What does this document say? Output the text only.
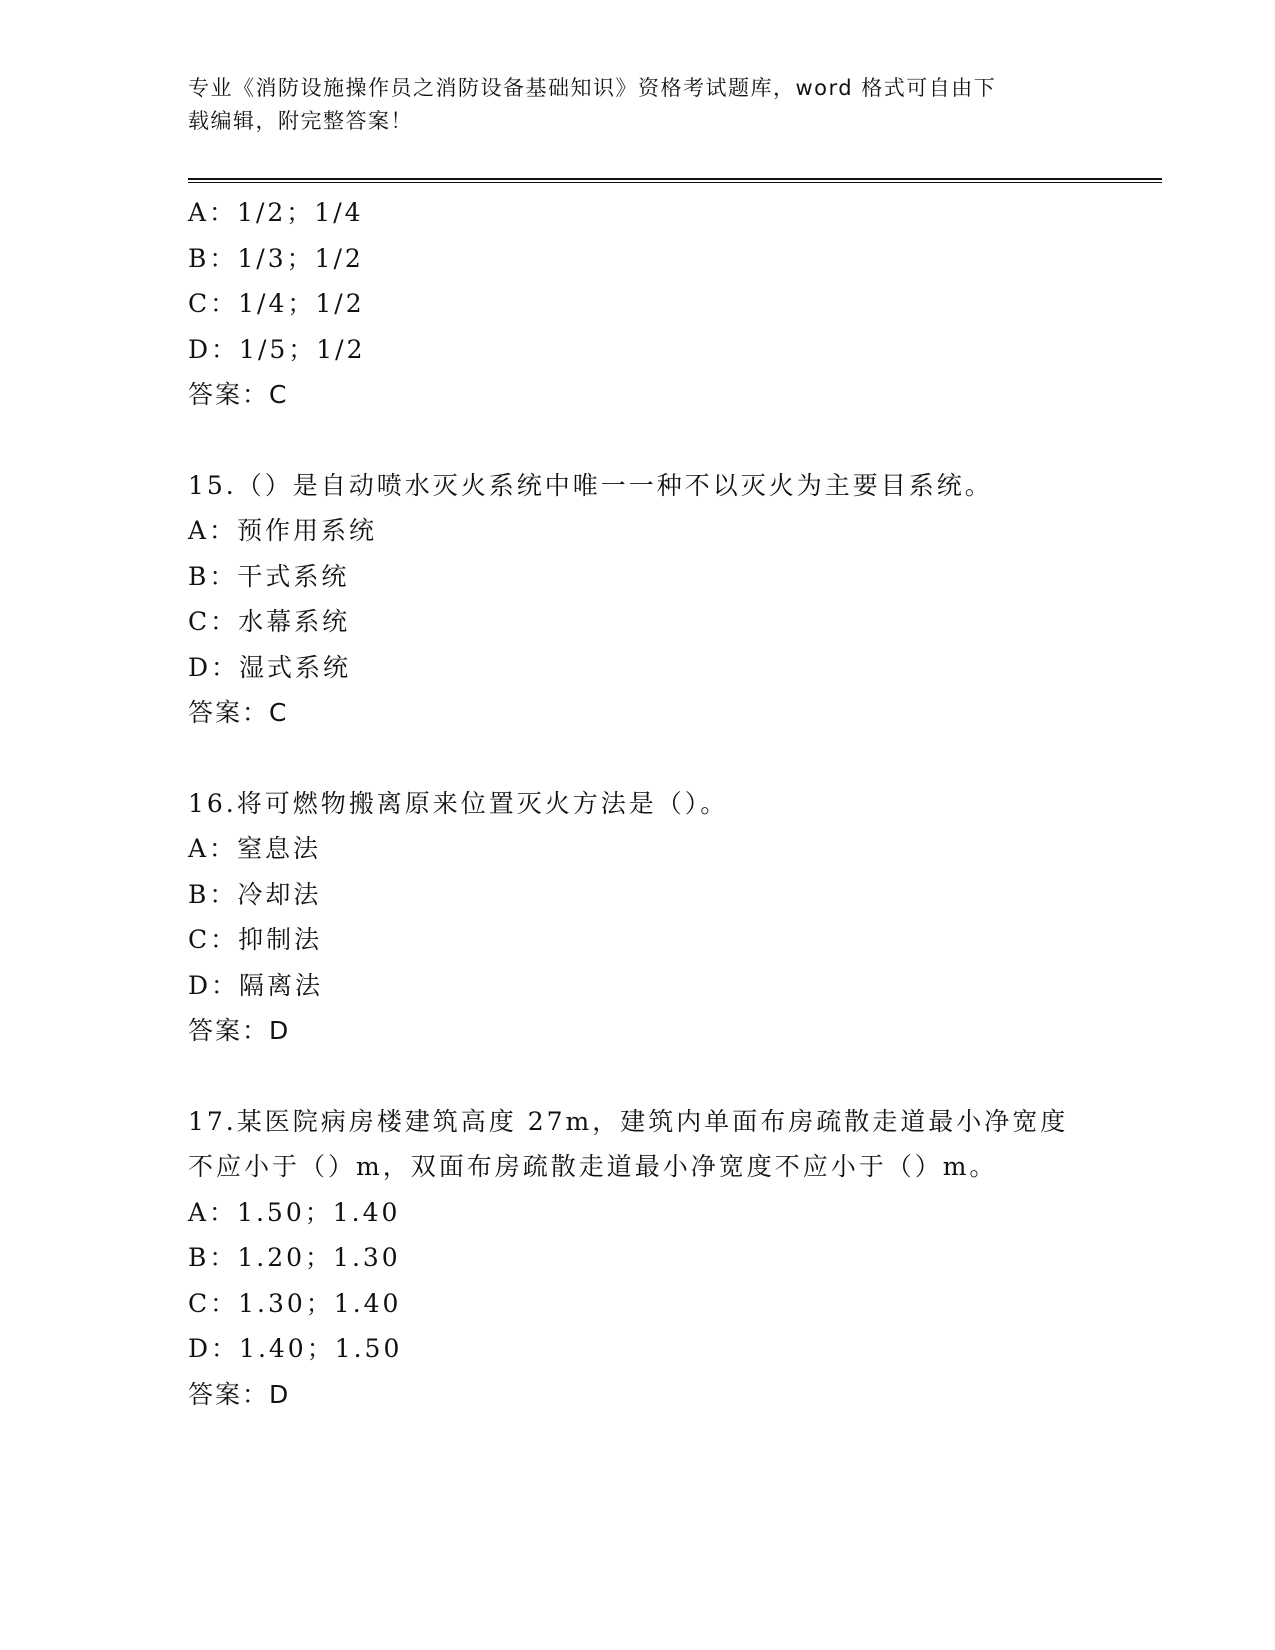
专业《消防设施操作员之消防设备基础知识》资格考试题库，word 格式可自由下
载编辑，附完整答案！
A：1/2；1/4
B：1/3；1/2
C：1/4；1/2
D：1/5；1/2
答案：C
15.（）是自动喷水灭火系统中唯一一种不以灭火为主要目系统。
A：预作用系统
B：干式系统
C：水幕系统
D：湿式系统
答案：C
16.将可燃物搬离原来位置灭火方法是（）。
A：窒息法
B：冷却法
C：抑制法
D：隔离法
答案：D
17.某医院病房楼建筑高度 27m，建筑内单面布房疏散走道最小净宽度
不应小于（）m，双面布房疏散走道最小净宽度不应小于（）m。
A：1.50；1.40
B：1.20；1.30
C：1.30；1.40
D：1.40；1.50
答案：D
